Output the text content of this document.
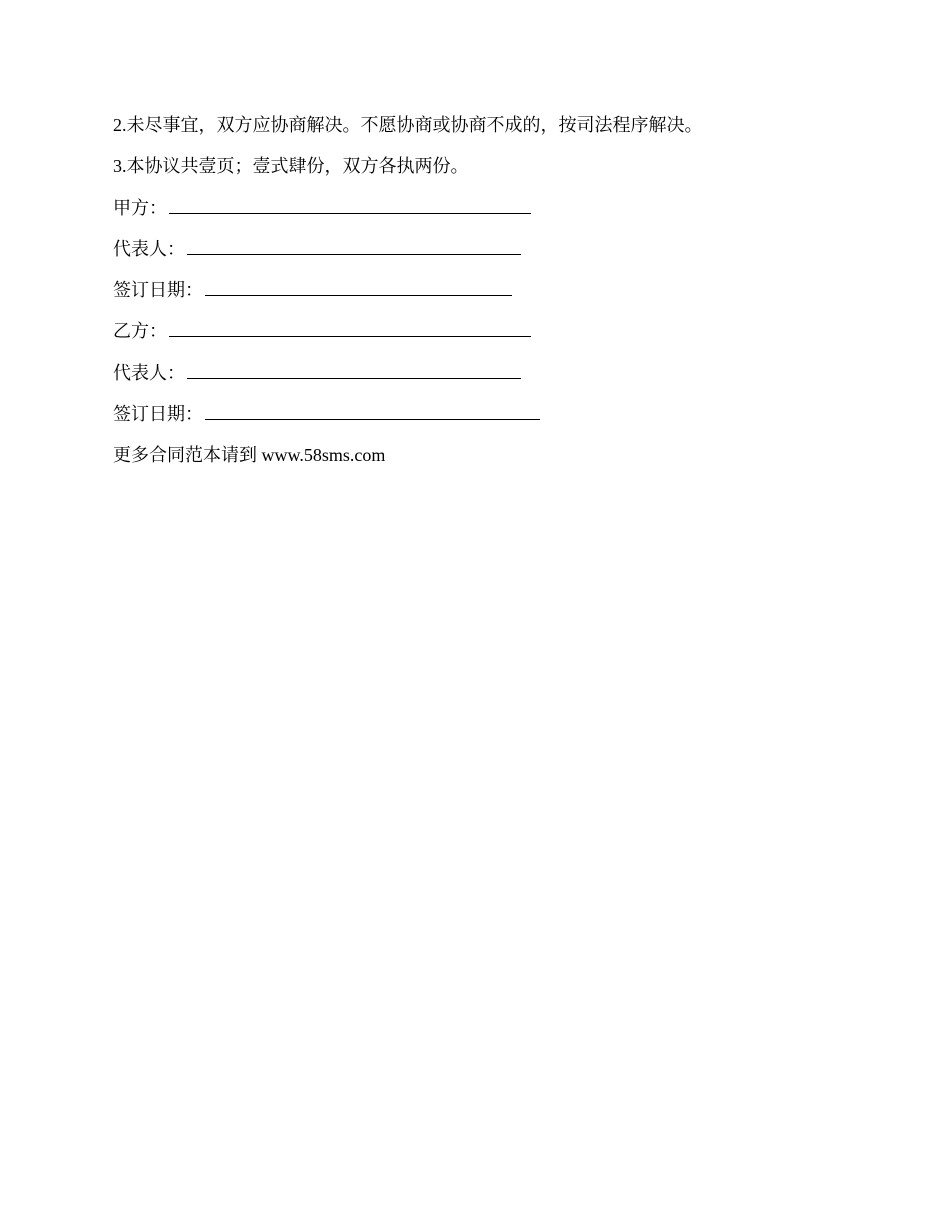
2.未尽事宜，双方应协商解决。不愿协商或协商不成的，按司法程序解决。
3.本协议共壹页；壹式肆份，双方各执两份。
甲方：
代表人：
签订日期：
乙方：
代表人：
签订日期：
更多合同范本请到 www.58sms.com
